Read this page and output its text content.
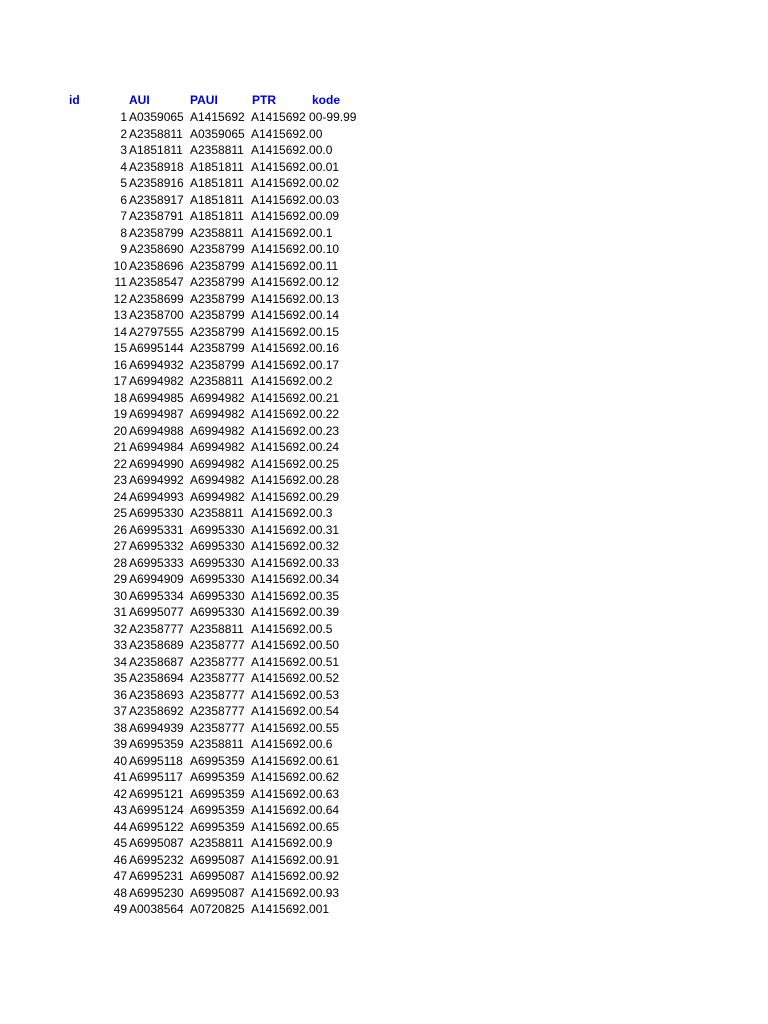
id	AUI	PAUI	PTR	kode
1 A0359065 A1415692 A1415692 00-99.99
2 A2358811 A0359065 A1415692.00
3 A1851811 A2358811 A1415692.00.0
4 A2358918 A1851811 A1415692.00.01
5 A2358916 A1851811 A1415692.00.02
6 A2358917 A1851811 A1415692.00.03
7 A2358791 A1851811 A1415692.00.09
8 A2358799 A2358811 A1415692.00.1
9 A2358690 A2358799 A1415692.00.10
10 A2358696 A2358799 A1415692.00.11
11 A2358547 A2358799 A1415692.00.12
12 A2358699 A2358799 A1415692.00.13
13 A2358700 A2358799 A1415692.00.14
14 A2797555 A2358799 A1415692.00.15
15 A6995144 A2358799 A1415692.00.16
16 A6994932 A2358799 A1415692.00.17
17 A6994982 A2358811 A1415692.00.2
18 A6994985 A6994982 A1415692.00.21
19 A6994987 A6994982 A1415692.00.22
20 A6994988 A6994982 A1415692.00.23
21 A6994984 A6994982 A1415692.00.24
22 A6994990 A6994982 A1415692.00.25
23 A6994992 A6994982 A1415692.00.28
24 A6994993 A6994982 A1415692.00.29
25 A6995330 A2358811 A1415692.00.3
26 A6995331 A6995330 A1415692.00.31
27 A6995332 A6995330 A1415692.00.32
28 A6995333 A6995330 A1415692.00.33
29 A6994909 A6995330 A1415692.00.34
30 A6995334 A6995330 A1415692.00.35
31 A6995077 A6995330 A1415692.00.39
32 A2358777 A2358811 A1415692.00.5
33 A2358689 A2358777 A1415692.00.50
34 A2358687 A2358777 A1415692.00.51
35 A2358694 A2358777 A1415692.00.52
36 A2358693 A2358777 A1415692.00.53
37 A2358692 A2358777 A1415692.00.54
38 A6994939 A2358777 A1415692.00.55
39 A6995359 A2358811 A1415692.00.6
40 A6995118 A6995359 A1415692.00.61
41 A6995117 A6995359 A1415692.00.62
42 A6995121 A6995359 A1415692.00.63
43 A6995124 A6995359 A1415692.00.64
44 A6995122 A6995359 A1415692.00.65
45 A6995087 A2358811 A1415692.00.9
46 A6995232 A6995087 A1415692.00.91
47 A6995231 A6995087 A1415692.00.92
48 A6995230 A6995087 A1415692.00.93
49 A0038564 A0720825 A1415692.001
